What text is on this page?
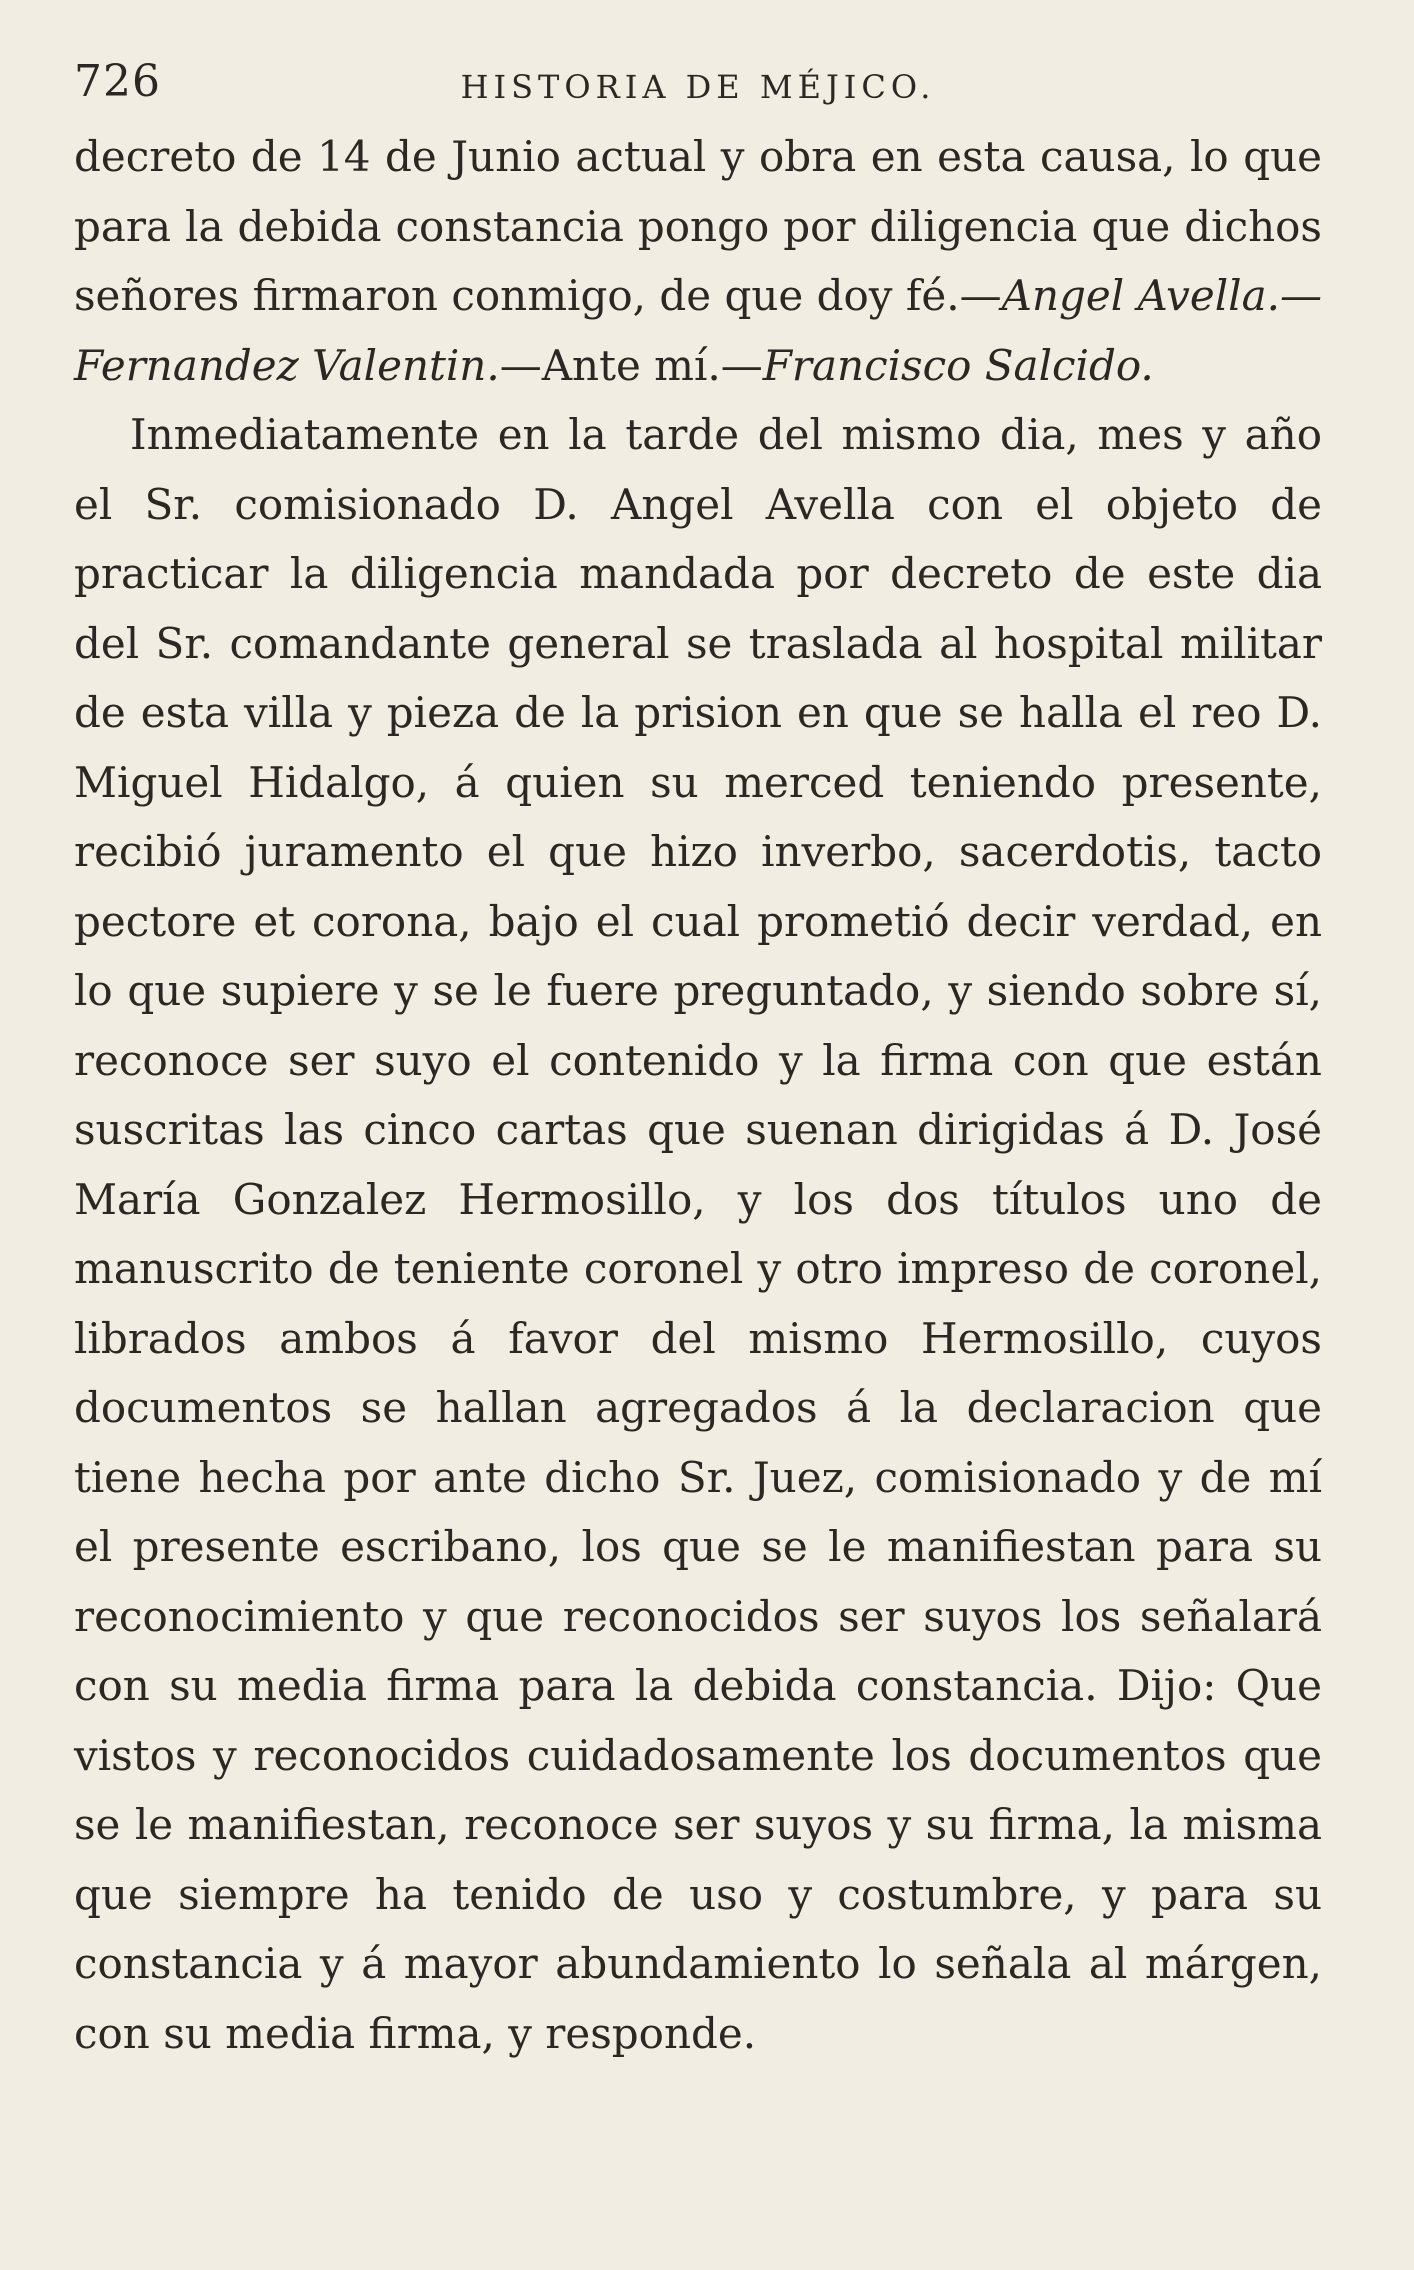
726	HISTORIA DE MÉJICO.

decreto de 14 de Junio actual y obra en esta causa, lo que para la debida constancia pongo por diligencia que dichos señores firmaron conmigo, de que doy fé.—Angel Avella.—Fernandez Valentin.—Ante mí.—Francisco Salcido.

Inmediatamente en la tarde del mismo dia, mes y año el Sr. comisionado D. Angel Avella con el objeto de practicar la diligencia mandada por decreto de este dia del Sr. comandante general se traslada al hospital militar de esta villa y pieza de la prision en que se halla el reo D. Miguel Hidalgo, á quien su merced teniendo presente, recibió juramento el que hizo inverbo, sacerdotis, tacto pectore et corona, bajo el cual prometió decir verdad, en lo que supiere y se le fuere preguntado, y siendo sobre sí, reconoce ser suyo el contenido y la firma con que están suscritas las cinco cartas que suenan dirigidas á D. José María Gonzalez Hermosillo, y los dos títulos uno de manuscrito de teniente coronel y otro impreso de coronel, librados ambos á favor del mismo Hermosillo, cuyos documentos se hallan agregados á la declaracion que tiene hecha por ante dicho Sr. Juez, comisionado y de mí el presente escribano, los que se le manifiestan para su reconocimiento y que reconocidos ser suyos los señalará con su media firma para la debida constancia. Dijo: Que vistos y reconocidos cuidadosamente los documentos que se le manifiestan, reconoce ser suyos y su firma, la misma que siempre ha tenido de uso y costumbre, y para su constancia y á mayor abundamiento lo señala al márgen, con su media firma, y responde.
